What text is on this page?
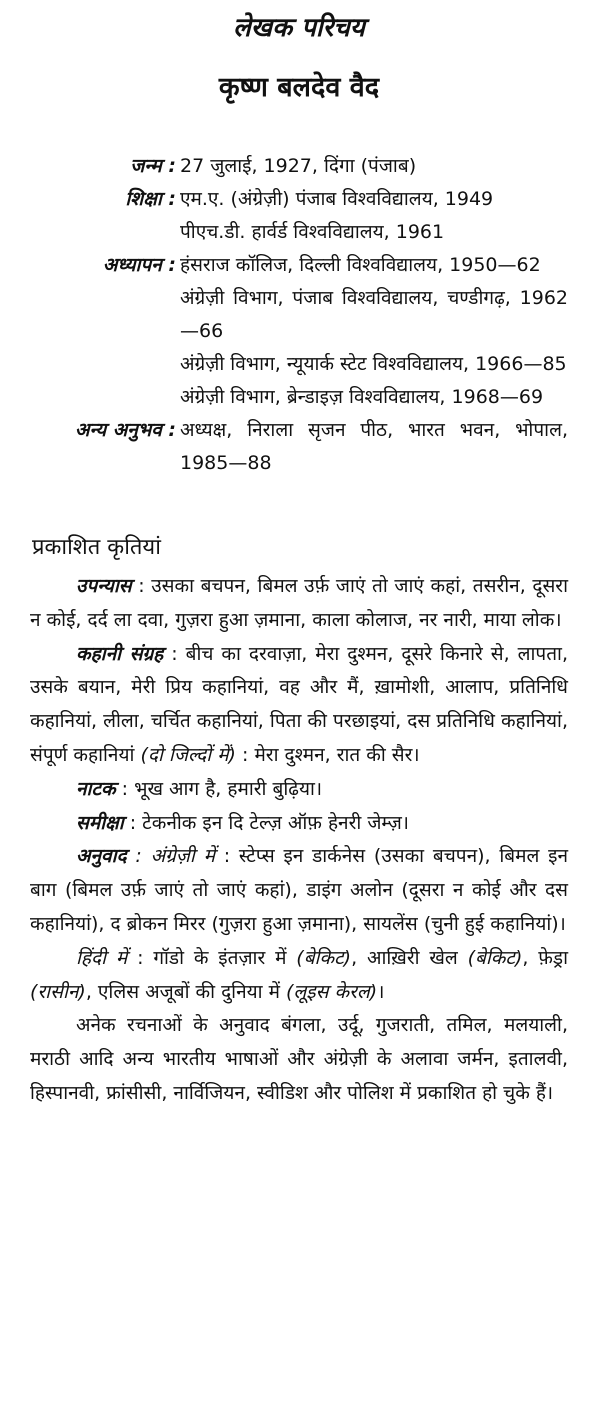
लेखक परिचय
कृष्ण बलदेव वैद
जन्म : 27 जुलाई, 1927, दिंगा (पंजाब)
शिक्षा : एम.ए. (अंग्रेज़ी) पंजाब विश्वविद्यालय, 1949
पीएच.डी. हार्वर्ड विश्वविद्यालय, 1961
अध्यापन : हंसराज कॉलिज, दिल्ली विश्वविद्यालय, 1950—62
अंग्रेज़ी विभाग, पंजाब विश्वविद्यालय, चण्डीगढ़, 1962—66
अंग्रेज़ी विभाग, न्यूयार्क स्टेट विश्वविद्यालय, 1966—85
अंग्रेज़ी विभाग, ब्रेन्डाइज़ विश्वविद्यालय, 1968—69
अन्य अनुभव : अध्यक्ष, निराला सृजन पीठ, भारत भवन, भोपाल, 1985—88
प्रकाशित कृतियां

उपन्यास : उसका बचपन, बिमल उर्फ़ जाएं तो जाएं कहां, तसरीन, दूसरा न कोई, दर्द ला दवा, गुज़रा हुआ ज़माना, काला कोलाज, नर नारी, माया लोक।

कहानी संग्रह : बीच का दरवाज़ा, मेरा दुश्मन, दूसरे किनारे से, लापता, उसके बयान, मेरी प्रिय कहानियां, वह और मैं, ख़ामोशी, आलाप, प्रतिनिधि कहानियां, लीला, चर्चित कहानियां, पिता की परछाइयां, दस प्रतिनिधि कहानियां, संपूर्ण कहानियां (दो जिल्दों में) : मेरा दुश्मन, रात की सैर।

नाटक : भूख आग है, हमारी बुढ़िया।

समीक्षा : टेकनीक इन दि टेल्ज़ ऑफ़ हेनरी जेम्ज़।

अनुवाद : अंग्रेज़ी में : स्टेप्स इन डार्कनेस (उसका बचपन), बिमल इन बाग (बिमल उर्फ़ जाएं तो जाएं कहां), डाइंग अलोन (दूसरा न कोई और दस कहानियां), द ब्रोकन मिरर (गुज़रा हुआ ज़माना), सायलेंस (चुनी हुई कहानियां)।

हिंदी में : गॉडो के इंतज़ार में (बेकिट), आख़िरी खेल (बेकिट), फ़ेड्रा (रासीन), एलिस अजूबों की दुनिया में (लूइस केरल)।

अनेक रचनाओं के अनुवाद बंगला, उर्दू, गुजराती, तमिल, मलयाली, मराठी आदि अन्य भारतीय भाषाओं और अंग्रेज़ी के अलावा जर्मन, इतालवी, हिस्पानवी, फ्रांसीसी, नार्विजियन, स्वीडिश और पोलिश में प्रकाशित हो चुके हैं।
